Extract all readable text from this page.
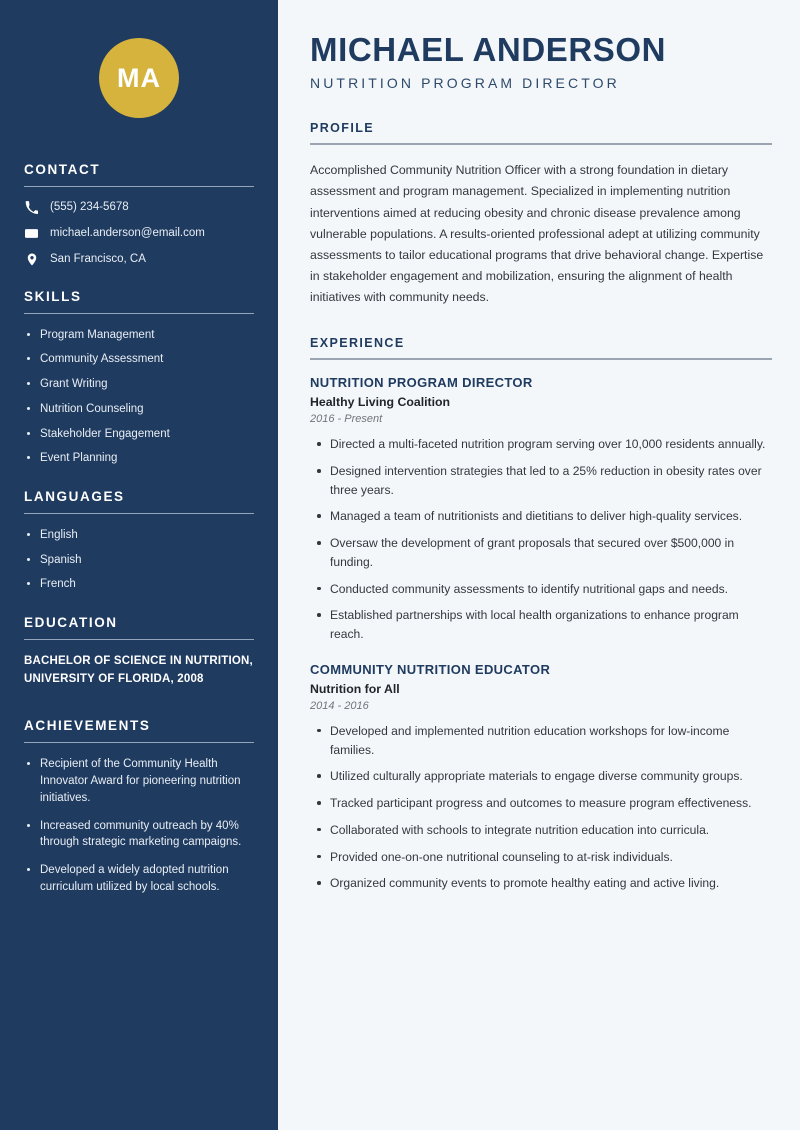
MA
CONTACT
(555) 234-5678
michael.anderson@email.com
San Francisco, CA
SKILLS
Program Management
Community Assessment
Grant Writing
Nutrition Counseling
Stakeholder Engagement
Event Planning
LANGUAGES
English
Spanish
French
EDUCATION
BACHELOR OF SCIENCE IN NUTRITION, UNIVERSITY OF FLORIDA, 2008
ACHIEVEMENTS
Recipient of the Community Health Innovator Award for pioneering nutrition initiatives.
Increased community outreach by 40% through strategic marketing campaigns.
Developed a widely adopted nutrition curriculum utilized by local schools.
MICHAEL ANDERSON
NUTRITION PROGRAM DIRECTOR
PROFILE

Accomplished Community Nutrition Officer with a strong foundation in dietary assessment and program management. Specialized in implementing nutrition interventions aimed at reducing obesity and chronic disease prevalence among vulnerable populations. A results-oriented professional adept at utilizing community assessments to tailor educational programs that drive behavioral change. Expertise in stakeholder engagement and mobilization, ensuring the alignment of health initiatives with community needs.

EXPERIENCE
NUTRITION PROGRAM DIRECTOR
Healthy Living Coalition
2016 - Present
Directed a multi-faceted nutrition program serving over 10,000 residents annually.
Designed intervention strategies that led to a 25% reduction in obesity rates over three years.
Managed a team of nutritionists and dietitians to deliver high-quality services.
Oversaw the development of grant proposals that secured over $500,000 in funding.
Conducted community assessments to identify nutritional gaps and needs.
Established partnerships with local health organizations to enhance program reach.
COMMUNITY NUTRITION EDUCATOR
Nutrition for All
2014 - 2016
Developed and implemented nutrition education workshops for low-income families.
Utilized culturally appropriate materials to engage diverse community groups.
Tracked participant progress and outcomes to measure program effectiveness.
Collaborated with schools to integrate nutrition education into curricula.
Provided one-on-one nutritional counseling to at-risk individuals.
Organized community events to promote healthy eating and active living.
